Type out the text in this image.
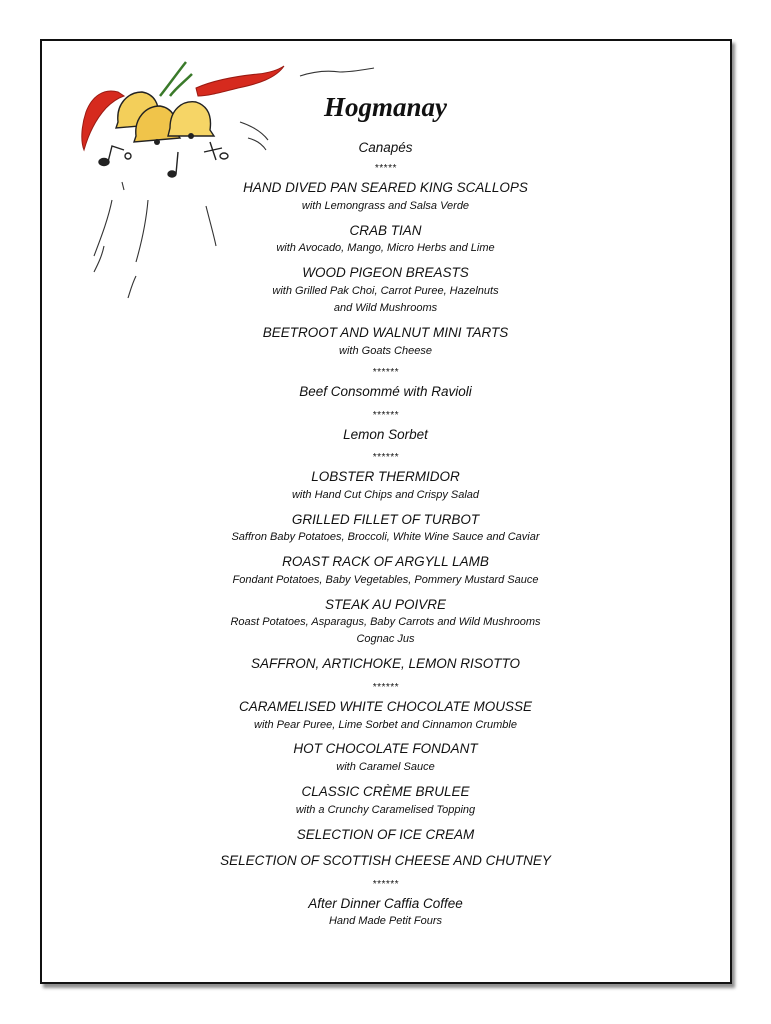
Hogmanay
Canapés
*****
HAND DIVED PAN SEARED KING SCALLOPS
with Lemongrass and Salsa Verde
CRAB TIAN
with Avocado, Mango, Micro Herbs and Lime
WOOD PIGEON BREASTS
with Grilled Pak Choi, Carrot Puree, Hazelnuts
and Wild Mushrooms
BEETROOT AND WALNUT MINI TARTS
with Goats Cheese
******
Beef Consommé with Ravioli
******
Lemon Sorbet
******
LOBSTER THERMIDOR
with Hand Cut Chips and Crispy Salad
GRILLED FILLET OF TURBOT
Saffron Baby Potatoes, Broccoli, White Wine Sauce and Caviar
ROAST RACK OF ARGYLL LAMB
Fondant Potatoes, Baby Vegetables, Pommery Mustard Sauce
STEAK AU POIVRE
Roast Potatoes, Asparagus, Baby Carrots and Wild Mushrooms
Cognac Jus
SAFFRON, ARTICHOKE, LEMON RISOTTO
******
CARAMELISED WHITE CHOCOLATE MOUSSE
with Pear Puree, Lime Sorbet and Cinnamon Crumble
HOT CHOCOLATE FONDANT
with Caramel Sauce
CLASSIC CRÈME BRULEE
with a Crunchy Caramelised Topping
SELECTION OF ICE CREAM
SELECTION OF SCOTTISH CHEESE AND CHUTNEY
******
After Dinner Caffia Coffee
Hand Made Petit Fours
